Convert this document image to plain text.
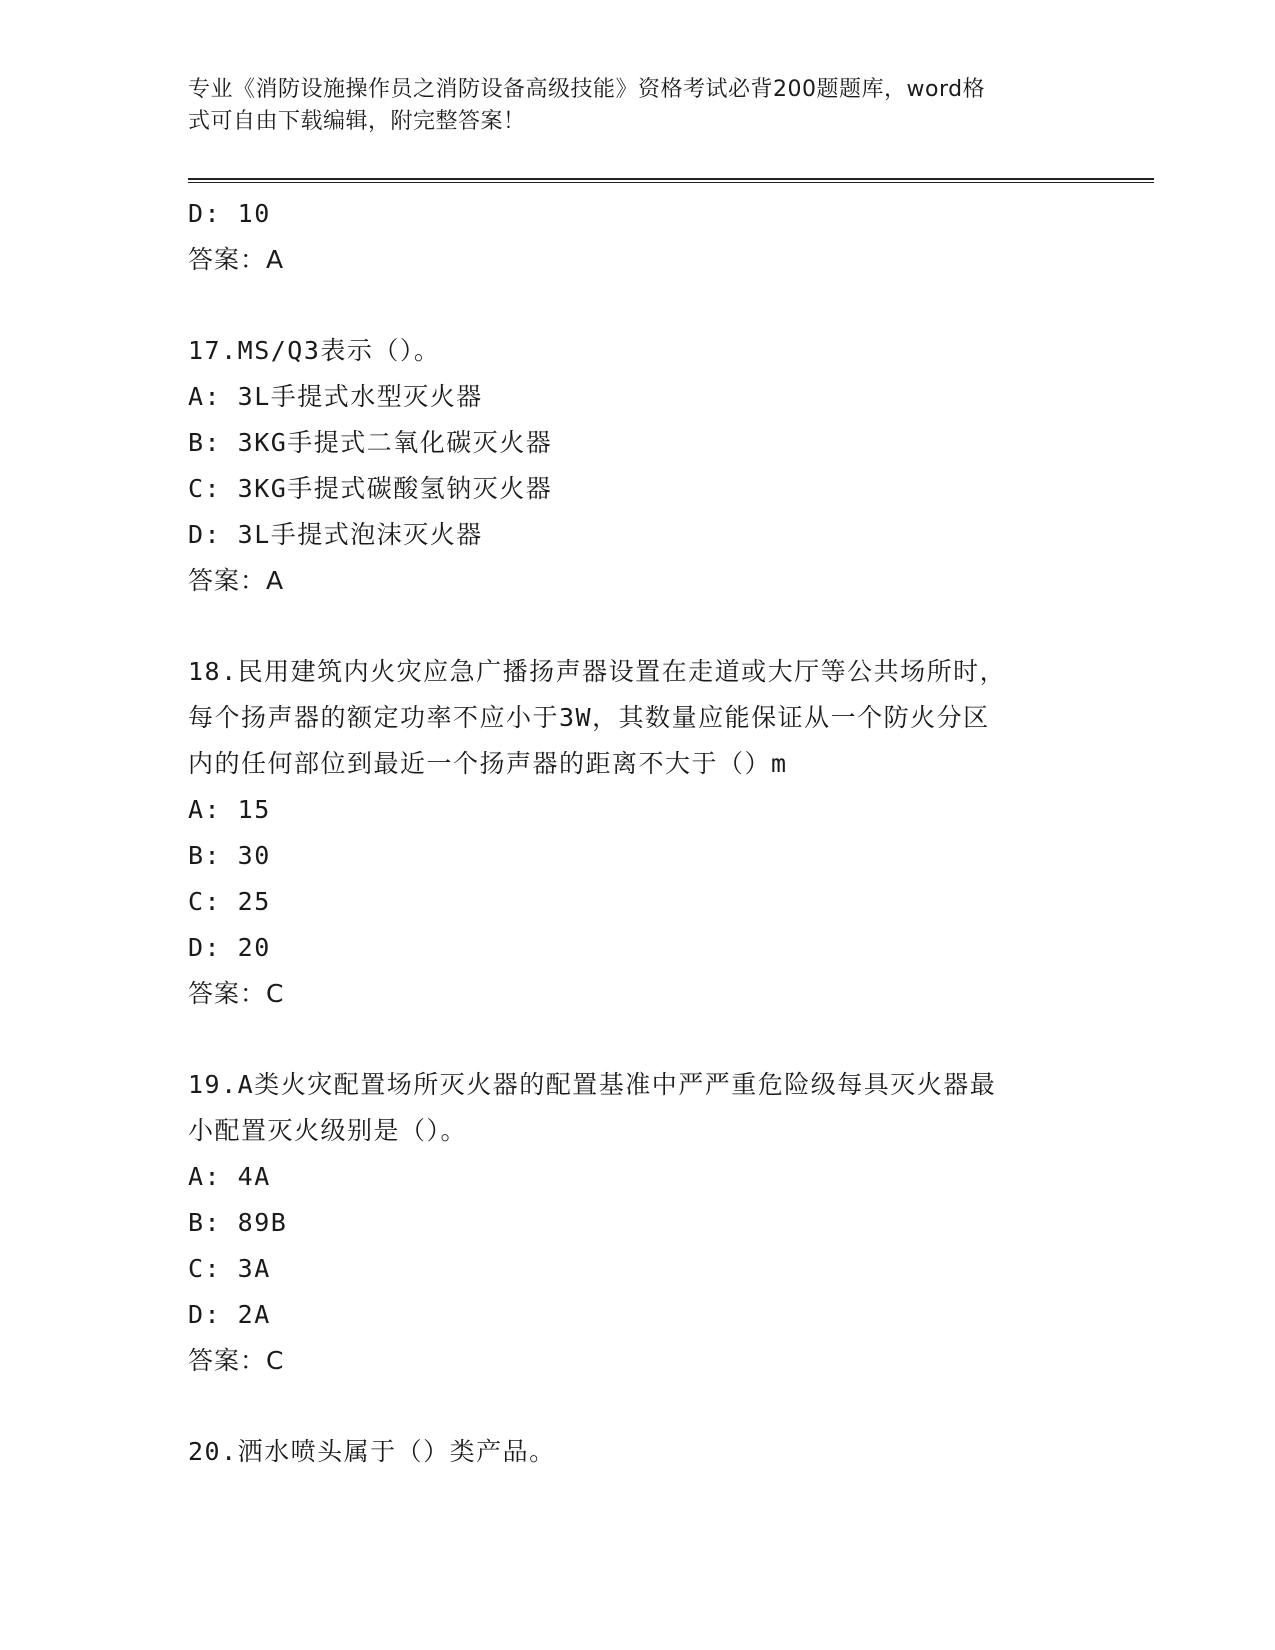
专业《消防设施操作员之消防设备高级技能》资格考试必背200题题库，word格
式可自由下载编辑，附完整答案！
D: 10
答案：A
17.MS/Q3表示（）。
A: 3L手提式水型灭火器
B: 3KG手提式二氧化碳灭火器
C: 3KG手提式碳酸氢钠灭火器
D: 3L手提式泡沫灭火器
答案：A
18.民用建筑内火灾应急广播扬声器设置在走道或大厅等公共场所时，
每个扬声器的额定功率不应小于3W，其数量应能保证从一个防火分区
内的任何部位到最近一个扬声器的距离不大于（）m
A: 15
B: 30
C: 25
D: 20
答案：C
19.A类火灾配置场所灭火器的配置基准中严严重危险级每具灭火器最
小配置灭火级别是（）。
A: 4A
B: 89B
C: 3A
D: 2A
答案：C
20.洒水喷头属于（）类产品。
